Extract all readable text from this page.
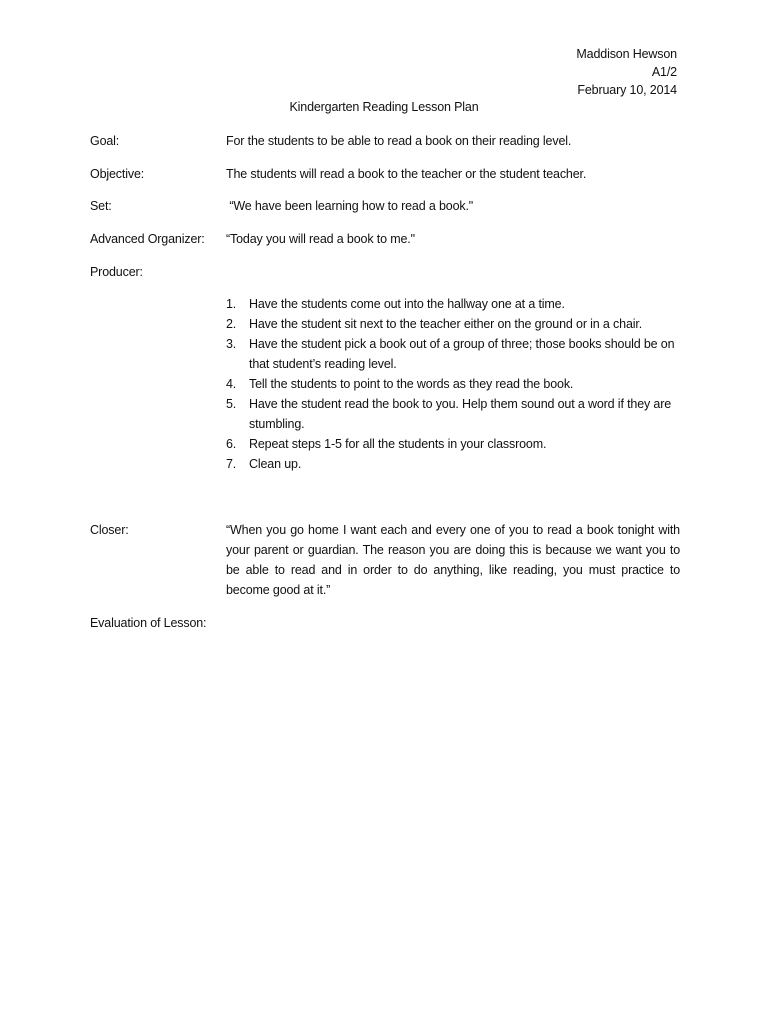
Maddison Hewson
A1/2
February 10, 2014
Kindergarten Reading Lesson Plan
Goal:	For the students to be able to read a book on their reading level.
Objective:	The students will read a book to the teacher or the student teacher.
Set:	“We have been learning how to read a book."
Advanced Organizer:	“Today you will read a book to me."
Producer:
1. Have the students come out into the hallway one at a time.
2. Have the student sit next to the teacher either on the ground or in a chair.
3. Have the student pick a book out of a group of three; those books should be on that student’s reading level.
4. Tell the students to point to the words as they read the book.
5. Have the student read the book to you. Help them sound out a word if they are stumbling.
6. Repeat steps 1-5 for all the students in your classroom.
7. Clean up.
Closer:	“When you go home I want each and every one of you to read a book tonight with your parent or guardian. The reason you are doing this is because we want you to be able to read and in order to do anything, like reading, you must practice to become good at it.”
Evaluation of Lesson:
